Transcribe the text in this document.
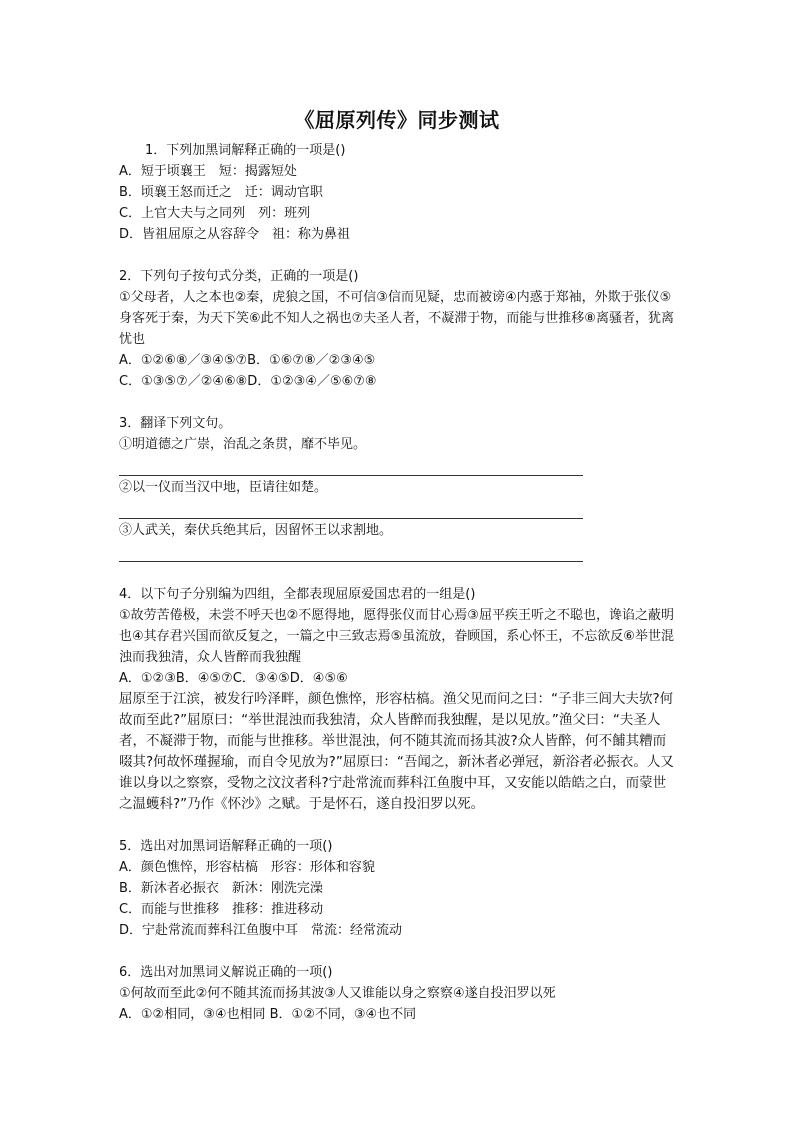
《屈原列传》同步测试
1．下列加黑词解释正确的一项是()
A．短于顷襄王　短：揭露短处
B．顷襄王怒而迁之　迁：调动官职
C．上官大夫与之同列　列：班列
D．皆祖屈原之从容辞令　祖：称为鼻祖
2．下列句子按句式分类，正确的一项是()
①父母者，人之本也②秦，虎狼之国，不可信③信而见疑，忠而被谤④内惑于郑袖，外欺于张仪⑤身客死于秦，为天下笑⑥此不知人之祸也⑦夫圣人者，不凝滞于物，而能与世推移⑧离骚者，犹离忧也
A．①②⑥⑧／③④⑤⑦B．①⑥⑦⑧／②③④⑤
C．①③⑤⑦／②④⑥⑧D．①②③④／⑤⑥⑦⑧
3．翻译下列文句。
①明道德之广崇，治乱之条贯，靡不毕见。
②以一仪而当汉中地，臣请往如楚。
③人武关，秦伏兵绝其后，因留怀王以求割地。
4．以下句子分别编为四组，全都表现屈原爱国忠君的一组是()
①故劳苦倦极，未尝不呼天也②不愿得地，愿得张仪而甘心焉③屈平疾王听之不聪也，谗谄之蔽明也④其存君兴国而欲反复之，一篇之中三致志焉⑤虽流放，眷顾国，系心怀王，不忘欲反⑥举世混浊而我独清，众人皆醉而我独醒
A．①②③B．④⑤⑦C．③④⑤D．④⑤⑥
屈原至于江滨，被发行吟泽畔，颜色憔悴，形容枯槁。渔父见而问之曰：“子非三闾大夫欤?何故而至此?”屈原曰：“举世混浊而我独清，众人皆醉而我独醒，是以见放。”渔父曰：“夫圣人者，不凝滞于物，而能与世推移。举世混浊，何不随其流而扬其波?众人皆醉，何不餔其糟而啜其?何故怀瑾握瑜，而自令见放为?”屈原曰：“吾闻之，新沐者必弹冠，新浴者必振衣。人又谁以身以之察察，受物之汶汶者科?宁赴常流而葬科江鱼腹中耳，又安能以皓皓之白，而蒙世之温蠖科?”乃作《怀沙》之赋。于是怀石，遂自投汨罗以死。
5．选出对加黑词语解释正确的一项()
A．颜色憔悴，形容枯槁　形容：形体和容貌
B．新沐者必振衣　新沐：刚洗完澡
C．而能与世推移　推移：推进移动
D．宁赴常流而葬科江鱼腹中耳　常流：经常流动
6．选出对加黑词义解说正确的一项()
①何故而至此②何不随其流而扬其波③人又谁能以身之察察④遂自投汨罗以死
A．①②相同，③④也相同 B．①②不同，③④也不同
